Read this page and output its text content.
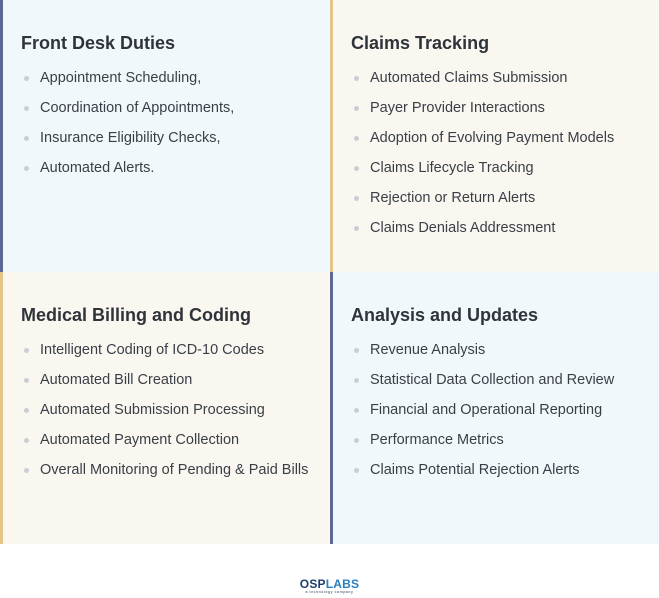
Front Desk Duties
Appointment Scheduling,
Coordination of Appointments,
Insurance Eligibility Checks,
Automated Alerts.
Claims Tracking
Automated Claims Submission
Payer Provider Interactions
Adoption of Evolving Payment Models
Claims Lifecycle Tracking
Rejection or Return Alerts
Claims Denials Addressment
Medical Billing and Coding
Intelligent Coding of ICD-10 Codes
Automated Bill Creation
Automated Submission Processing
Automated Payment Collection
Overall Monitoring of Pending & Paid Bills
Analysis and Updates
Revenue Analysis
Statistical Data Collection and Review
Financial and Operational Reporting
Performance Metrics
Claims Potential Rejection Alerts
OSPLABS
a technology company
